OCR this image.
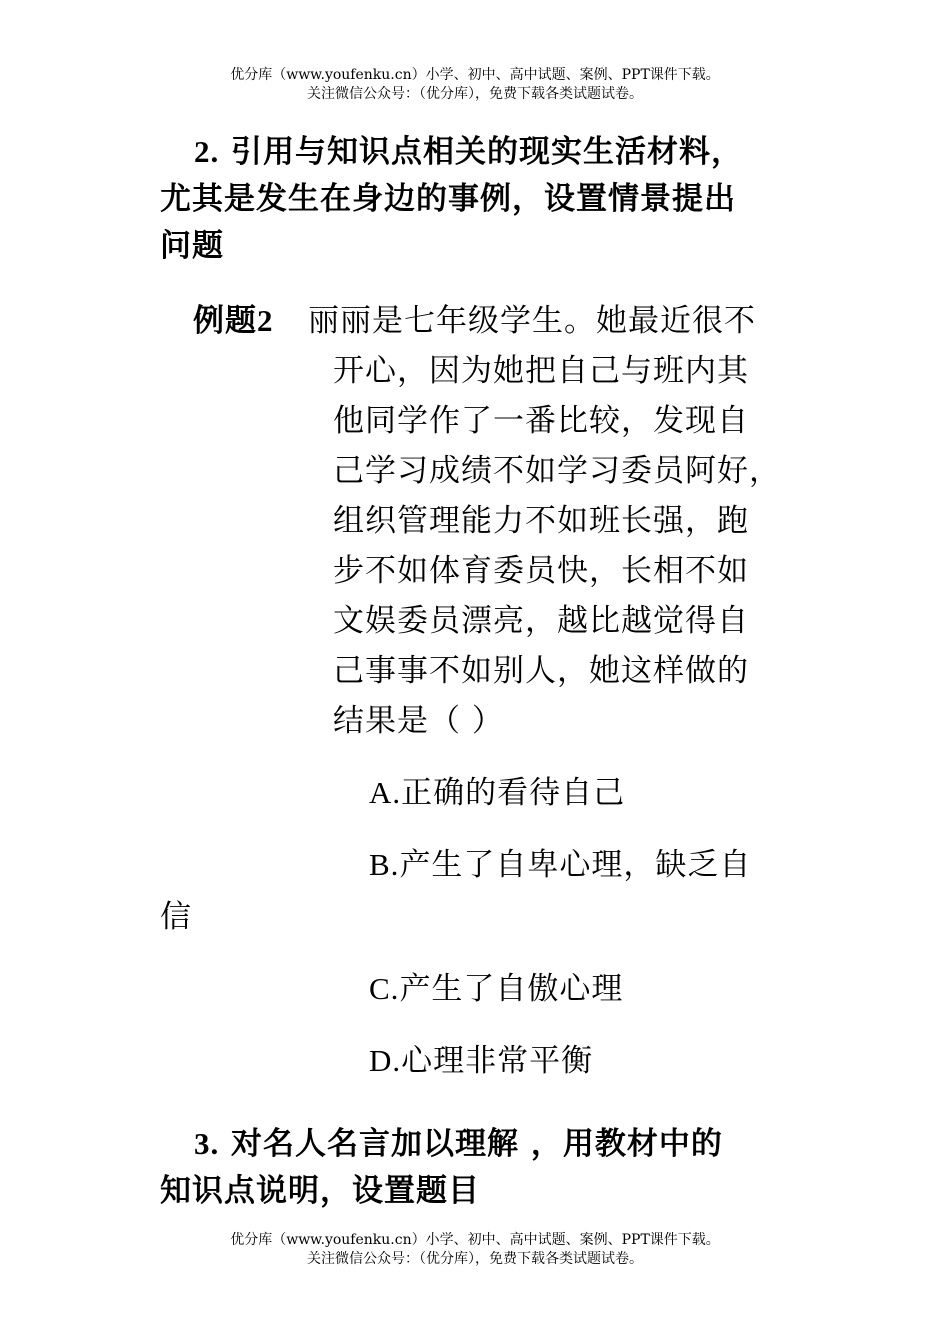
优分库（www.youfenku.cn）小学、初中、高中试题、案例、PPT课件下载。
关注微信公众号：（优分库），免费下载各类试题试卷。
2. 引用与知识点相关的现实生活材料，
尤其是发生在身边的事例，设置情景提出
问题
例题2 丽丽是七年级学生。她最近很不
开心，因为她把自己与班内其
他同学作了一番比较，发现自
己学习成绩不如学习委员阿好，
组织管理能力不如班长强，跑
步不如体育委员快，长相不如
文娱委员漂亮，越比越觉得自
己事事不如别人，她这样做的
结果是（ ）
A.正确的看待自己
B.产生了自卑心理，缺乏自
信
C.产生了自傲心理
D.心理非常平衡
3. 对名人名言加以理解 ，用教材中的
知识点说明，设置题目
优分库（www.youfenku.cn）小学、初中、高中试题、案例、PPT课件下载。
关注微信公众号：（优分库），免费下载各类试题试卷。
